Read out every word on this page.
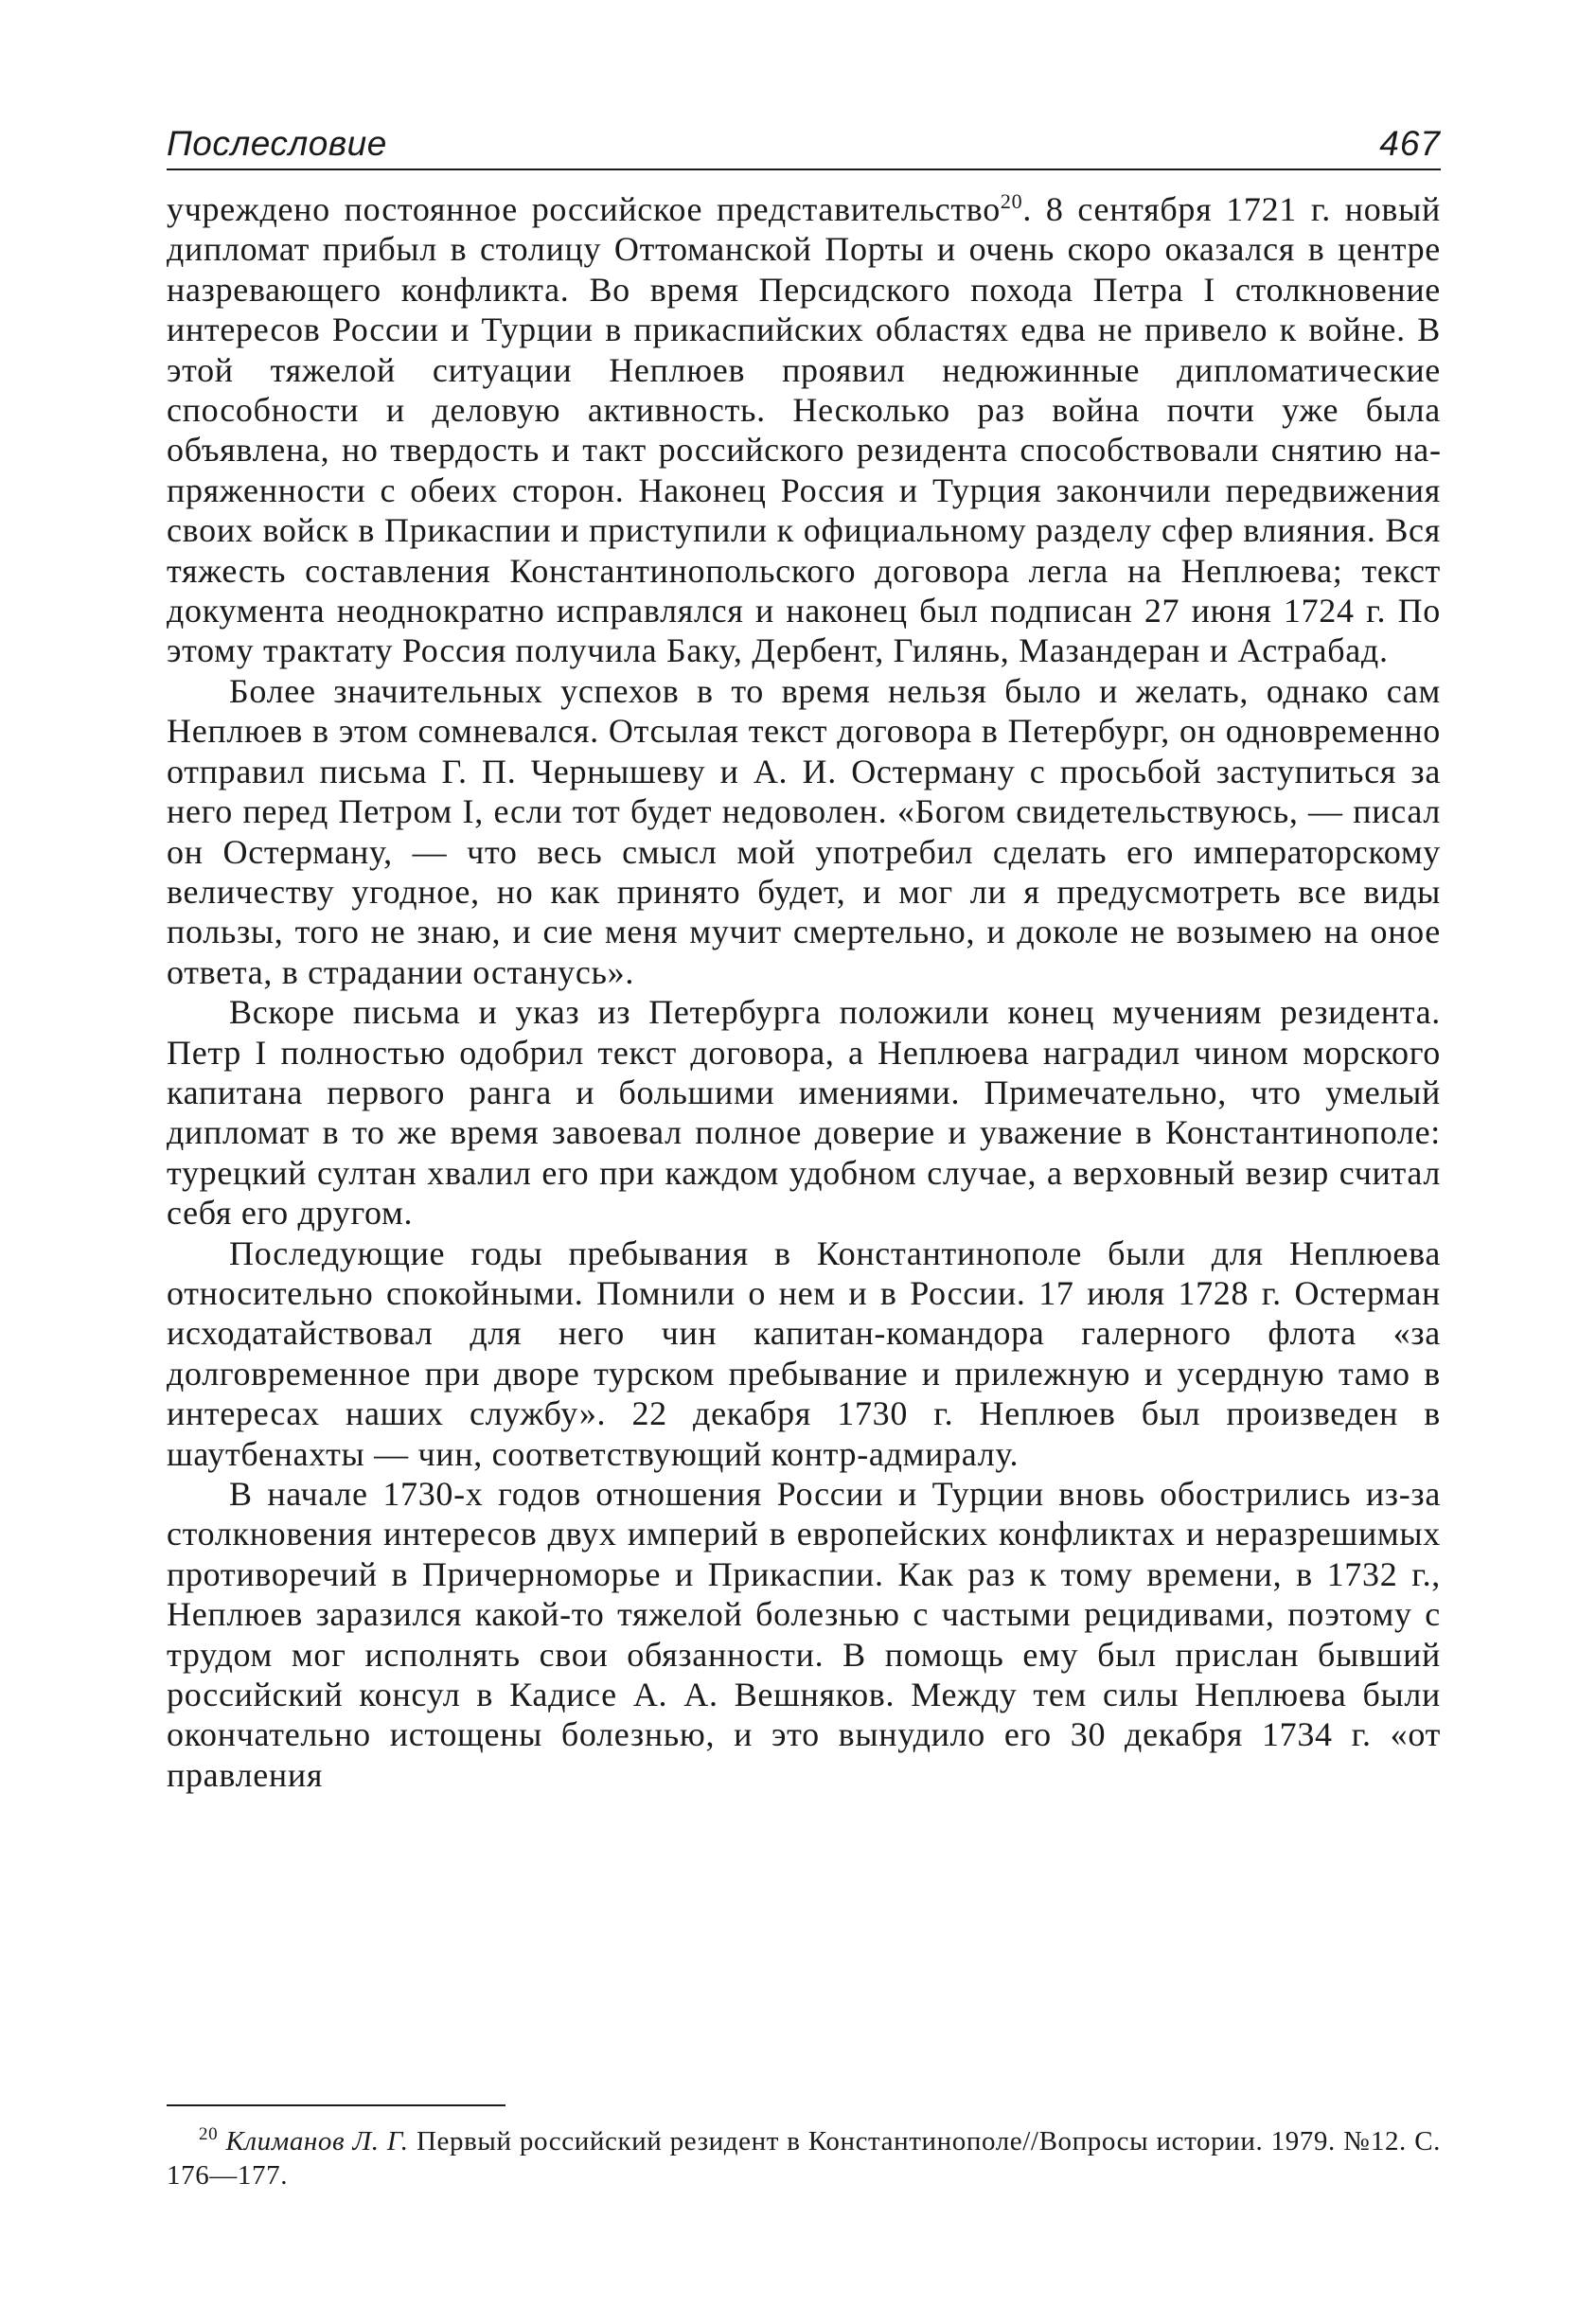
Послесловие	467

учреждено постоянное российское представительство$^{20}$. 8 сентября 1721 г. новый дипломат прибыл в столицу Оттоманской Порты и очень скоро оказался в центре назревающего конфликта. Во время Персидского похода Петра I столкновение интересов России и Турции в прикаспийских областях едва не привело к войне. В этой тяжелой ситуации Неплюев проявил недюжинные дипломатические способности и деловую активность. Несколько раз война почти уже была объявлена, но твердость и такт российского резидента способствовали снятию напряженности с обеих сторон. Наконец Россия и Турция закончили передвижения своих войск в Прикаспии и приступили к официальному разделу сфер влияния. Вся тяжесть составления Константинопольского договора легла на Неплюева; текст документа неоднократно исправлялся и наконец был подписан 27 июня 1724 г. По этому трактату Россия получила Баку, Дербент, Гилянь, Мазандеран и Астрабад.

Более значительных успехов в то время нельзя было и желать, однако сам Неплюев в этом сомневался. Отсылая текст договора в Петербург, он одновременно отправил письма Г. П. Чернышеву и А. И. Остерману с просьбой заступиться за него перед Петром I, если тот будет недоволен. «Богом свидетельствуюсь, — писал он Остерману, — что весь смысл мой употребил сделать его императорскому величеству угодное, но как принято будет, и мог ли я предусмотреть все виды пользы, того не знаю, и сие меня мучит смертельно, и доколе не возымею на оное ответа, в страдании останусь».

Вскоре письма и указ из Петербурга положили конец мучениям резидента. Петр I полностью одобрил текст договора, а Неплюева наградил чином морского капитана первого ранга и большими имениями. Примечательно, что умелый дипломат в то же время завоевал полное доверие и уважение в Константинополе: турецкий султан хвалил его при каждом удобном случае, а верховный везир считал себя его другом.

Последующие годы пребывания в Константинополе были для Неплюева относительно спокойными. Помнили о нем и в России. 17 июля 1728 г. Остерман исходатайствовал для него чин капитан-командора галерного флота «за долговременное при дворе турском пребывание и прилежную и усердную тамо в интересах наших службу». 22 декабря 1730 г. Неплюев был произведен в шаутбенахты — чин, соответствующий контр-адмиралу.

В начале 1730-х годов отношения России и Турции вновь обострились из-за столкновения интересов двух империй в европейских конфликтах и неразрешимых противоречий в Причерноморье и Прикаспии. Как раз к тому времени, в 1732 г., Неплюев заразился какой-то тяжелой болезнью с частыми рецидивами, поэтому с трудом мог исполнять свои обязанности. В помощь ему был прислан бывший российский консул в Кадисе А. А. Вешняков. Между тем силы Неплюева были окончательно истощены болезнью, и это вынудило его 30 декабря 1734 г. «от правления

20 Климанов Л. Г. Первый российский резидент в Константинополе//Вопросы истории. 1979. №12. С. 176—177.
